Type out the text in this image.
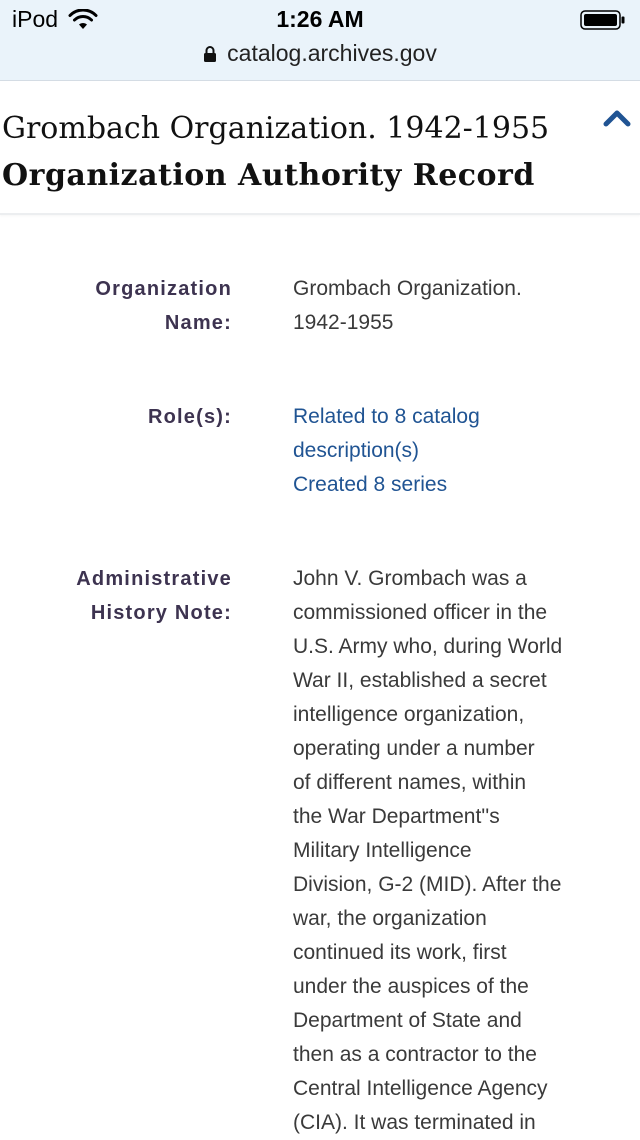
iPod	1:26 AM
catalog.archives.gov
Grombach Organization. 1942-1955
Organization Authority Record
Organization
Name:
Grombach Organization.
1942-1955
Role(s):	Related to 8 catalog
description(s)
Created 8 series
Administrative
History Note:
John V. Grombach was a
commissioned officer in the
U.S. Army who, during World
War II, established a secret
intelligence organization,
operating under a number
of different names, within
the War Department''s
Military Intelligence
Division, G-2 (MID). After the
war, the organization
continued its work, first
under the auspices of the
Department of State and
then as a contractor to the
Central Intelligence Agency
(CIA). It was terminated in
